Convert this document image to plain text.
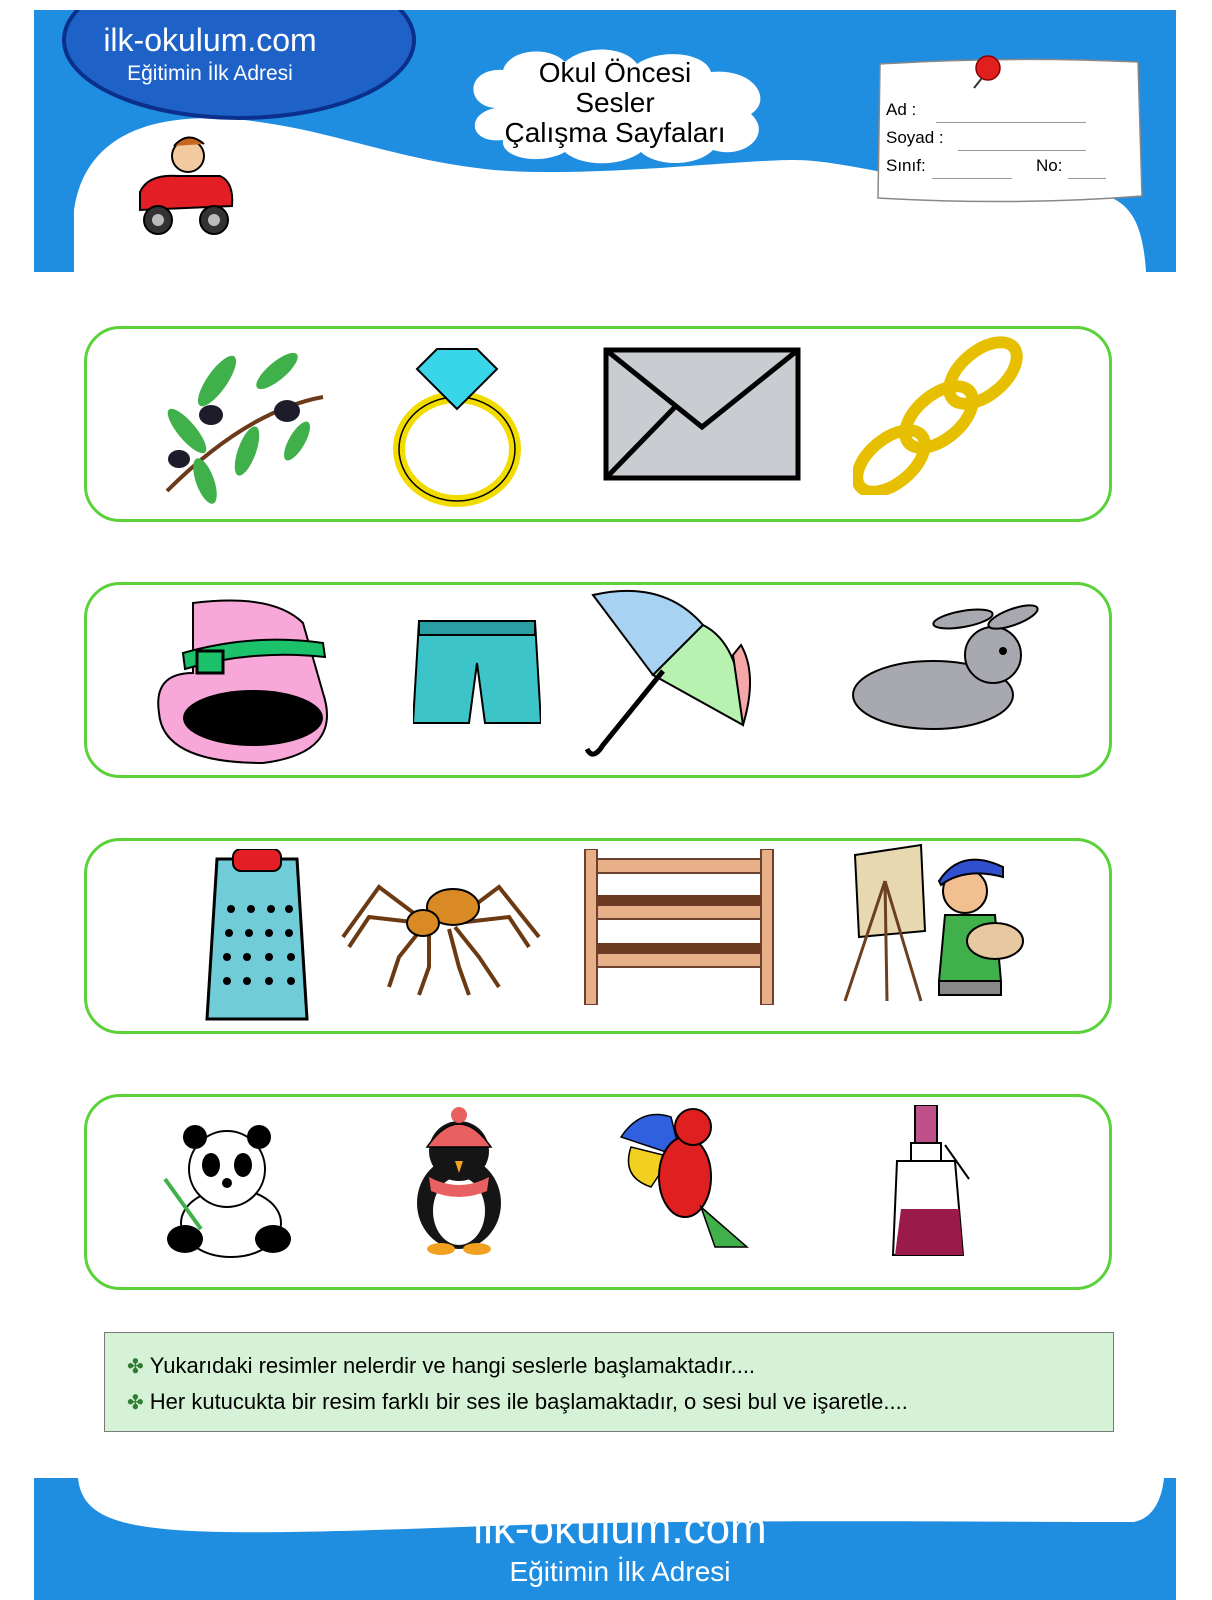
ilk-okulum.com
Eğitimin İlk Adresi	Okul Öncesi
Sesler
Çalışma Sayfaları
Ad :
Soyad :
Sınıf:	No:
✤ Yukarıdaki resimler nelerdir ve hangi seslerle başlamaktadır....
✤ Her kutucukta bir resim farklı bir ses ile başlamaktadır, o sesi bul ve işaretle....
ilk-okulum.com
Eğitimin İlk Adresi
